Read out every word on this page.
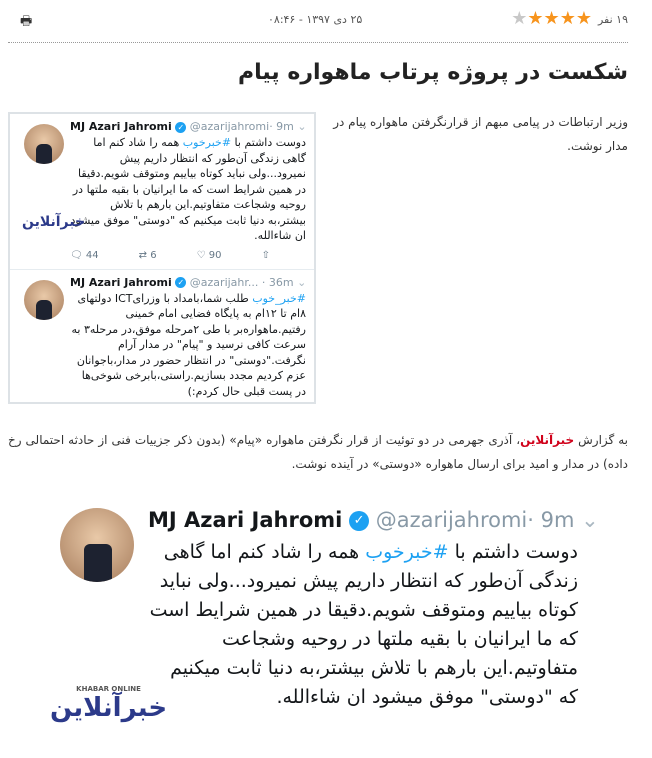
۱۹ نفر
★ ★ ★ ★ ★
۲۵ دی ۱۳۹۷ - ۰۸:۴۶
🖶
شکست در پروژه پرتاب ماهواره پیام

وزیر ارتباطات در پیامی مبهم از قرارنگرفتن ماهواره پیام در مدار نوشت.

MJ Azari Jahromi ✓ @azarijahromi· 9m ⌄
دوست داشتم با #خبرخوب همه را شاد کنم اما گاهی زندگی آن‌طور که انتظار داریم پیش نمیرود...ولی نباید کوتاه بیاییم ومتوقف شویم.دقیقا در همین شرایط است که ما ایرانیان با بقیه ملتها در روحیه وشجاعت متفاوتیم.این بارهم با تلاش بیشتر،به دنیا ثابت میکنیم که "دوستی" موفق میشود ان شاءالله.
🗨 44	⇄ 6	♡ 90	⇧
خبرآنلاین
MJ Azari Jahromi ✓ @azarijahr... · 36m ⌄
#خبر_خوب طلب شما،بامداد با وزرایICT دولتهای ۸ام تا ۱۲ام به پایگاه فضایی امام خمینی رفتیم.ماهواره‌بر با طی ۲مرحله موفق،در مرحله۳ به سرعت کافی نرسید و "پیام" در مدار آرام نگرفت."دوستی" در انتظار حضور در مدار،باجوانان عزم کردیم مجدد بسازیم.راستی،بابرخی شوخی‌ها در پست قبلی حال کردم:)

به گزارش خبرآنلاین، آذری جهرمی در دو توئیت از قرار نگرفتن ماهواره «پیام» (بدون ذکر جزییات فنی از حادثه احتمالی رخ داده) در مدار و امید برای ارسال ماهواره «دوستی» در آینده نوشت.

MJ Azari Jahromi ✓ @azarijahromi· 9m ⌄
دوست داشتم با #خبرخوب همه را شاد کنم اما گاهی زندگی آن‌طور که انتظار داریم پیش نمیرود...ولی نباید کوتاه بیاییم ومتوقف شویم.دقیقا در همین شرایط است که ما ایرانیان با بقیه ملتها در روحیه وشجاعت متفاوتیم.این بارهم با تلاش بیشتر،به دنیا ثابت میکنیم که "دوستی" موفق میشود ان شاءالله.
KHABAR ONLINE
خبرآنلاین
